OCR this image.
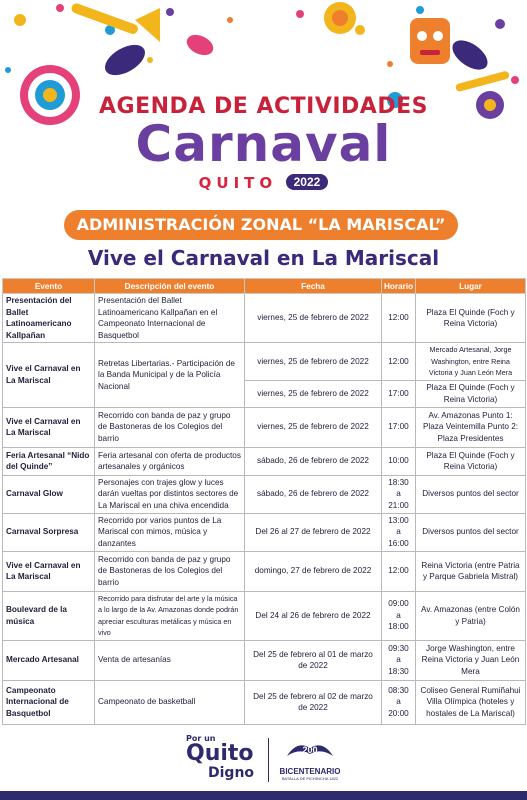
AGENDA DE ACTIVIDADES
Carnaval
QUITO 2022
ADMINISTRACIÓN ZONAL “LA MARISCAL”
Vive el Carnaval en La Mariscal
Evento	Descripción del evento	Fecha	Horario	Lugar
Presentación del Ballet Latinoamericano Kallpañan	Presentación del Ballet Latinoamericano Kallpañan en el Campeonato Internacional de Basquetbol	viernes, 25 de febrero de 2022	12:00	Plaza El Quinde (Foch y Reina Victoria)
Vive el Carnaval en La Mariscal	Retretas Libertarias.- Participación de la Banda Municipal y de la Policía Nacional	viernes, 25 de febrero de 2022	12:00	Mercado Artesanal, Jorge Washington, entre Reina Victoria y Juan León Mera
		viernes, 25 de febrero de 2022	17:00	Plaza El Quinde (Foch y Reina Victoria)
Vive el Carnaval en La Mariscal	Recorrido con banda de paz y grupo de Bastoneras de los Colegios del barrio	viernes, 25 de febrero de 2022	17:00	Av. Amazonas Punto 1: Plaza Veintemilla Punto 2: Plaza Presidentes
Feria Artesanal “Nido del Quinde”	Feria artesanal con oferta de productos artesanales y orgánicos	sábado, 26 de febrero de 2022	10:00	Plaza El Quinde (Foch y Reina Victoria)
Carnaval Glow	Personajes con trajes glow y luces darán vueltas por distintos sectores de La Mariscal en una chiva encendida	sábado, 26 de febrero de 2022	18:30 a 21:00	Diversos puntos del sector
Carnaval Sorpresa	Recorrido por varios puntos de La Mariscal con mimos, música y danzantes	Del 26 al 27 de febrero de 2022	13:00 a 16:00	Diversos puntos del sector
Vive el Carnaval en La Mariscal	Recorrido con banda de paz y grupo de Bastoneras de los Colegios del barrio	domingo, 27 de febrero de 2022	12:00	Reina Victoria (entre Patria y Parque Gabriela Mistral)
Boulevard de la música	Recorrido para disfrutar del arte y la música a lo largo de la Av. Amazonas donde podrán apreciar esculturas metálicas y música en vivo	Del 24 al 26 de febrero de 2022	09:00 a 18:00	Av. Amazonas (entre Colón y Patria)
Mercado Artesanal	Venta de artesanías	Del 25 de febrero al 01 de marzo de 2022	09:30 a 18:30	Jorge Washington, entre Reina Victoria y Juan León Mera
Campeonato Internacional de Basquetbol	Campeonato de basketball	Del 25 de febrero al 02 de marzo de 2022	08:30 a 20:00	Coliseo General Rumiñahui Villa Olímpica (hoteles y hostales de La Mariscal)
Por un
Quito
Digno
200
BICENTENARIO
BATALLA DE PICHINCHA 1822
